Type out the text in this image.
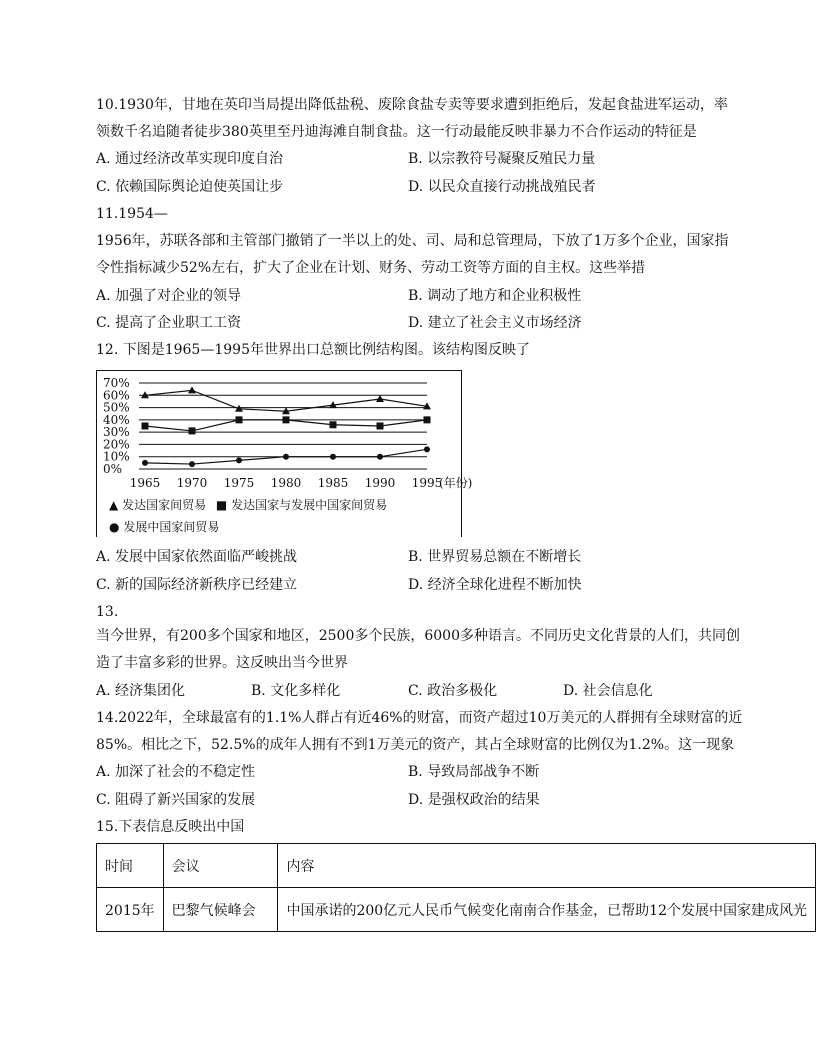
10.1930年，甘地在英印当局提出降低盐税、废除食盐专卖等要求遭到拒绝后，发起食盐进军运动，率
领数千名追随者徒步380英里至丹迪海滩自制食盐。这一行动最能反映非暴力不合作运动的特征是
A. 通过经济改革实现印度自治	B. 以宗教符号凝聚反殖民力量
C. 依赖国际舆论迫使英国让步	D. 以民众直接行动挑战殖民者
11.1954—
1956年，苏联各部和主管部门撤销了一半以上的处、司、局和总管理局，下放了1万多个企业，国家指
令性指标减少52%左右，扩大了企业在计划、财务、劳动工资等方面的自主权。这些举措
A. 加强了对企业的领导	B. 调动了地方和企业积极性
C. 提高了企业职工工资	D. 建立了社会主义市场经济
12. 下图是1965—1995年世界出口总额比例结构图。该结构图反映了
70%
60%
50%
40%
30%
20%
10%
0%
1965 1970 1975 1980 1985 1990 1995
(年份)
▲ 发达国家间贸易 ■ 发达国家与发展中国家间贸易
● 发展中国家间贸易
A. 发展中国家依然面临严峻挑战	B. 世界贸易总额在不断增长
C. 新的国际经济新秩序已经建立	D. 经济全球化进程不断加快
13.
当今世界，有200多个国家和地区，2500多个民族，6000多种语言。不同历史文化背景的人们，共同创
造了丰富多彩的世界。这反映出当今世界
A. 经济集团化	B. 文化多样化	C. 政治多极化	D. 社会信息化
14.2022年，全球最富有的1.1%人群占有近46%的财富，而资产超过10万美元的人群拥有全球财富的近
85%。相比之下，52.5%的成年人拥有不到1万美元的资产，其占全球财富的比例仅为1.2%。这一现象
A. 加深了社会的不稳定性	B. 导致局部战争不断
C. 阻碍了新兴国家的发展	D. 是强权政治的结果
15.下表信息反映出中国
时间	会议	内容
2015年	巴黎气候峰会	中国承诺的200亿元人民币气候变化南南合作基金，已帮助12个发展中国家建成风光
